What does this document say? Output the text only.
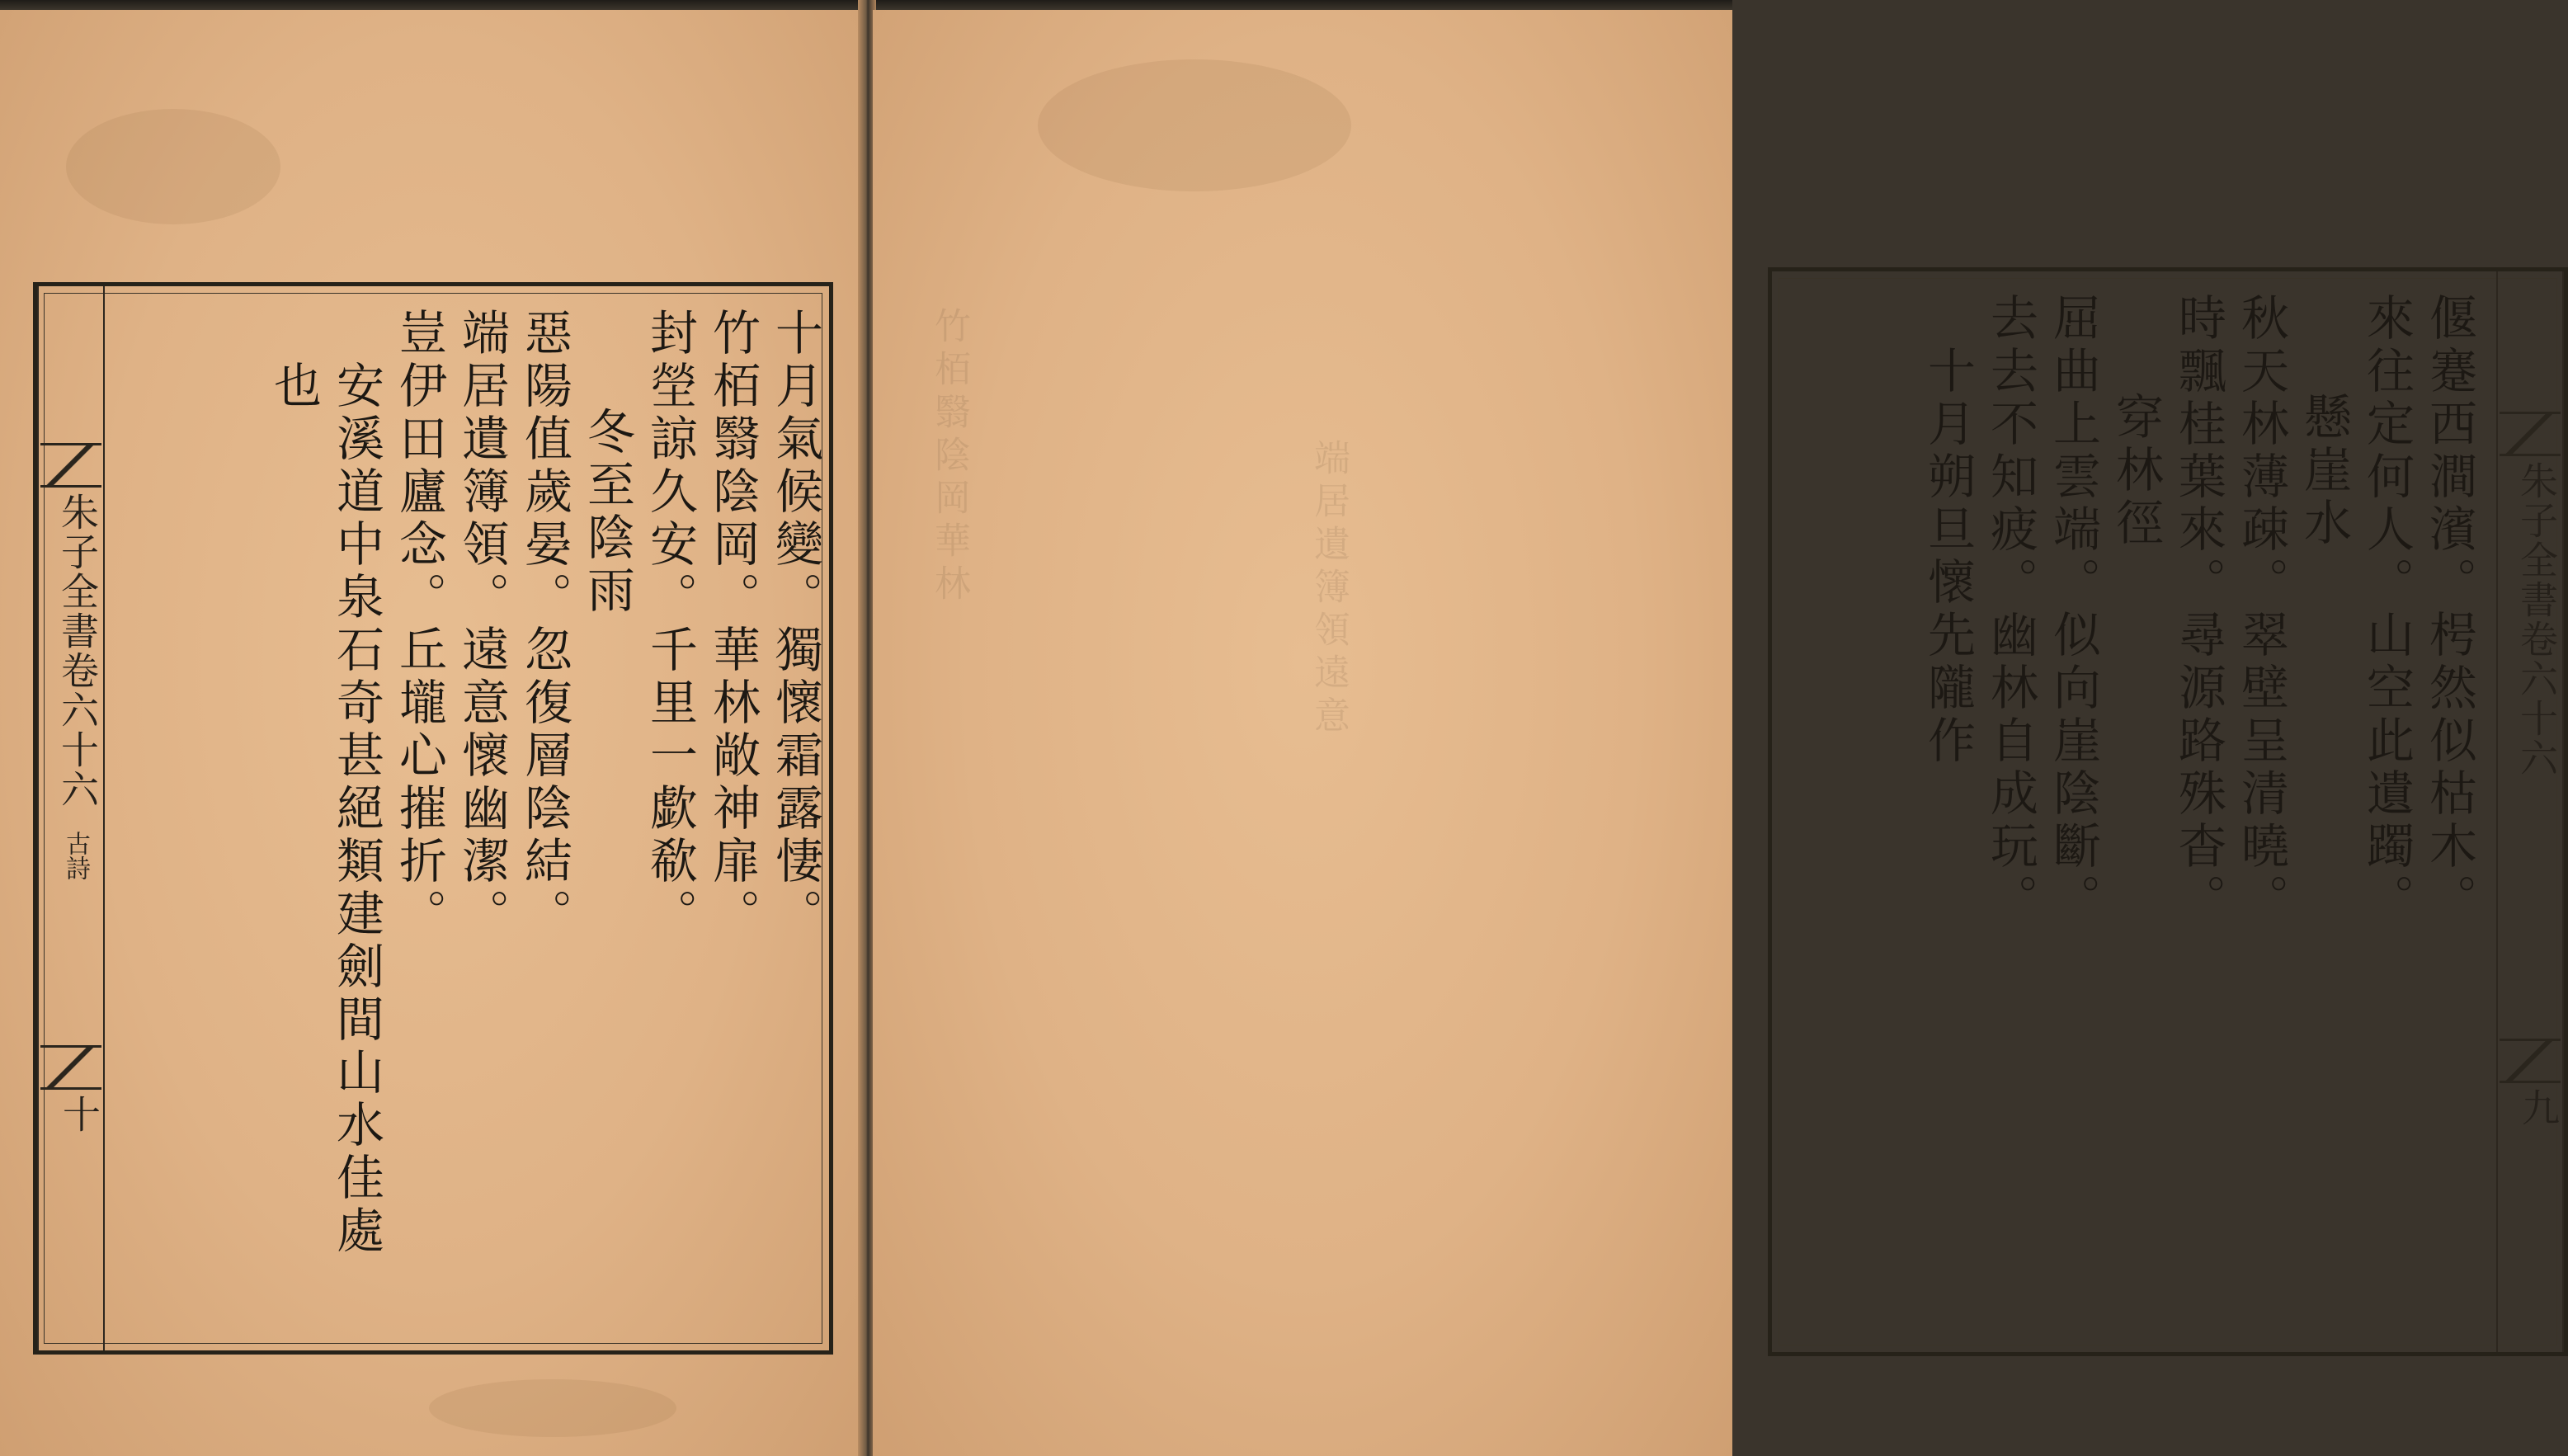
十月氣候變。獨懷霜露悽。
竹栢翳陰岡。華林敞神扉。
封塋諒久安。千里一歔欷。
冬至陰雨
惡陽值歲晏。忽復層陰結。
端居遺簿領。遠意懷幽潔。
豈伊田廬念。丘壠心摧折。
安溪道中泉石奇甚絕類建劍間山水佳處
也
朱子全書卷六十六
古詩
十
竹栢翳陰岡華林	端居遺簿領遠意	朱子全書卷六十六
九
偃蹇西澗濱。枵然似枯木。
來往定何人。山空此遺躅。
懸崖水
秋天林薄疎。翠壁呈清曉。
時飄桂葉來。尋源路殊杳。
穿林徑
屈曲上雲端。似向崖陰斷。
去去不知疲。幽林自成玩。
十月朔旦懷先隴作
